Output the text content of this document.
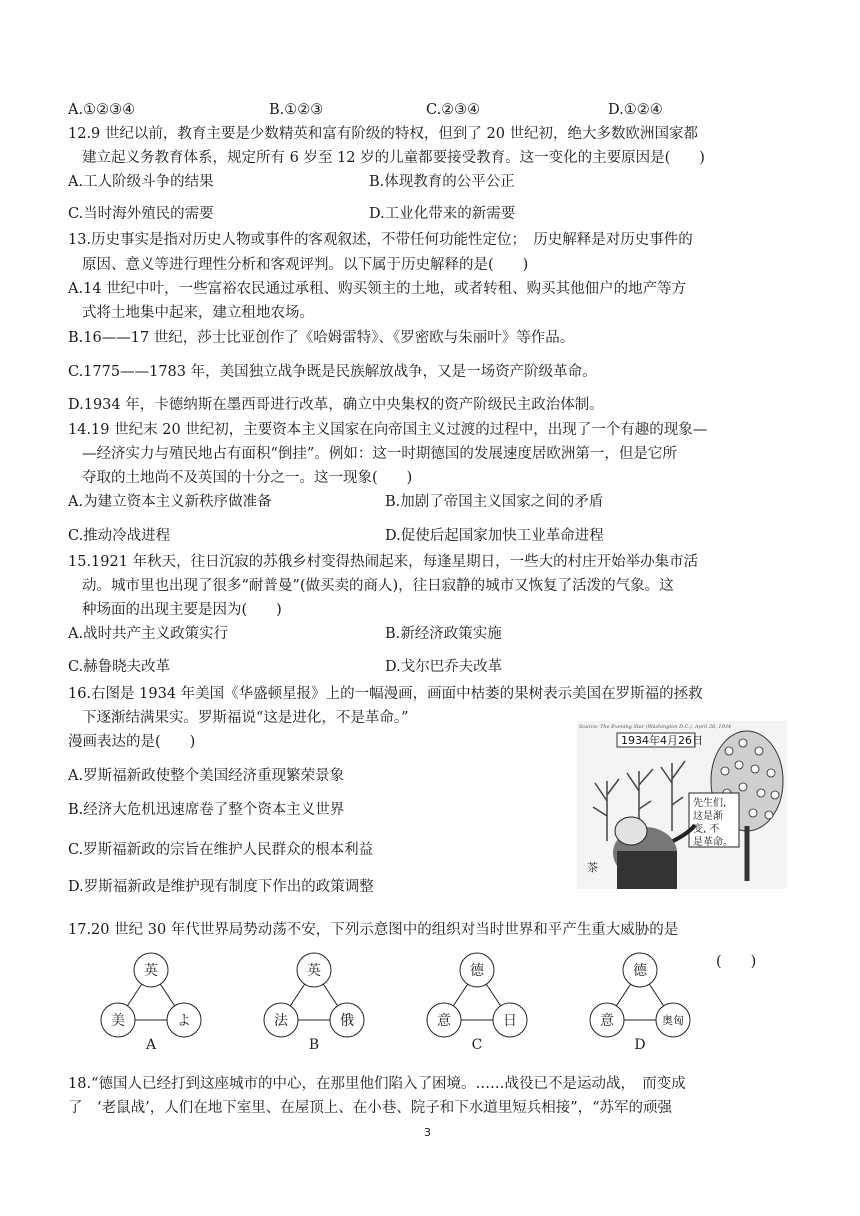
A.①②③④	B.①②③	C.②③④	D.①②④
12.9 世纪以前，教育主要是少数精英和富有阶级的特权，但到了 20 世纪初，绝大多数欧洲国家都
建立起义务教育体系，规定所有 6 岁至 12 岁的儿童都要接受教育。这一变化的主要原因是(　　)
A.工人阶级斗争的结果	B.体现教育的公平公正
C.当时海外殖民的需要	D.工业化带来的新需要
13.历史事实是指对历史人物或事件的客观叙述，不带任何功能性定位；　历史解释是对历史事件的
原因、意义等进行理性分析和客观评判。以下属于历史解释的是(　　)
A.14 世纪中叶，一些富裕农民通过承租、购买领主的土地，或者转租、购买其他佃户的地产等方
式将土地集中起来，建立租地农场。
B.16——17 世纪，莎士比亚创作了《哈姆雷特》、《罗密欧与朱丽叶》等作品。
C.1775——1783 年，美国独立战争既是民族解放战争，又是一场资产阶级革命。
D.1934 年，卡德纳斯在墨西哥进行改革，确立中央集权的资产阶级民主政治体制。
14.19 世纪末 20 世纪初，主要资本主义国家在向帝国主义过渡的过程中，出现了一个有趣的现象—
—经济实力与殖民地占有面积“倒挂”。例如：这一时期德国的发展速度居欧洲第一，但是它所
夺取的土地尚不及英国的十分之一。这一现象(　　)
A.为建立资本主义新秩序做准备	B.加剧了帝国主义国家之间的矛盾
C.推动冷战进程	D.促使后起国家加快工业革命进程
15.1921 年秋天，往日沉寂的苏俄乡村变得热闹起来，每逢星期日，一些大的村庄开始举办集市活
动。城市里也出现了很多“耐普曼”(做买卖的商人)，往日寂静的城市又恢复了活泼的气象。这
种场面的出现主要是因为(　　)
A.战时共产主义政策实行	B.新经济政策实施
C.赫鲁晓夫改革	D.戈尔巴乔夫改革
16.右图是 1934 年美国《华盛顿星报》上的一幅漫画，画面中枯萎的果树表示美国在罗斯福的拯救
下逐渐结满果实。罗斯福说“这是进化，不是革命。”
漫画表达的是(　　)
A.罗斯福新政使整个美国经济重现繁荣景象
B.经济大危机迅速席卷了整个资本主义世界
C.罗斯福新政的宗旨在维护人民群众的根本利益
D.罗斯福新政是维护现有制度下作出的政策调整
Source: The Evening Star (Washington D.C.), April 26, 1934
1934年4月26日
先生们, 这是渐 变, 不 是革命。
茶
17.20 世纪 30 年代世界局势动荡不安，下列示意图中的组织对当时世界和平产生重大威胁的是
(　　)
英
美	よ
A
英
法	俄
B
德
意	日
C
德
意	奥匈
D
18.“德国人已经打到这座城市的中心，在那里他们陷入了困境。……战役已不是运动战，　而变成
了　‘老鼠战’，人们在地下室里、在屋顶上、在小巷、院子和下水道里短兵相接”，“苏军的顽强
3
